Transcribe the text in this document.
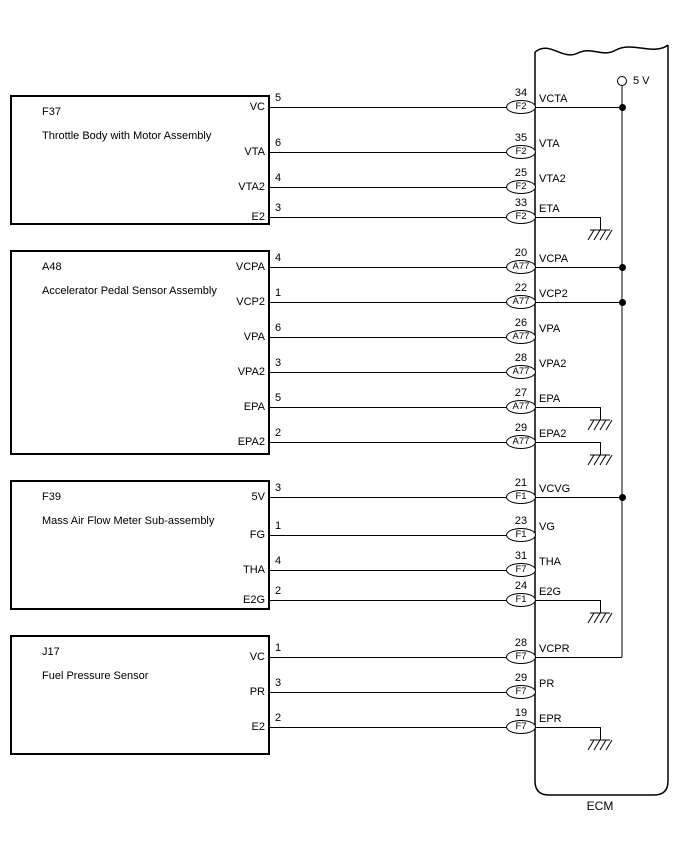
F37
Throttle Body with Motor Assembly
A48
Accelerator Pedal Sensor Assembly
F39
Mass Air Flow Meter Sub-assembly
J17
Fuel Pressure Sensor
VC
5	34
F2
VCTA
VTA
6	35
F2
VTA
VTA2
4	25
F2
VTA2
E2
3	33
F2
ETA
VCPA
4	20
A77
VCPA
VCP2
1	22
A77
VCP2
VPA
6	26
A77
VPA
VPA2
3	28
A77
VPA2
EPA
5	27
A77
EPA
EPA2
2	29
A77
EPA2
5V
3	21
F1
VCVG
FG
1	23
F1
VG
THA
4	31
F7
THA
E2G
2	24
F1
E2G
VC
1	28
F7
VCPR
PR
3	29
F7
PR
E2
2	19
F7
EPR
5 V
ECM
